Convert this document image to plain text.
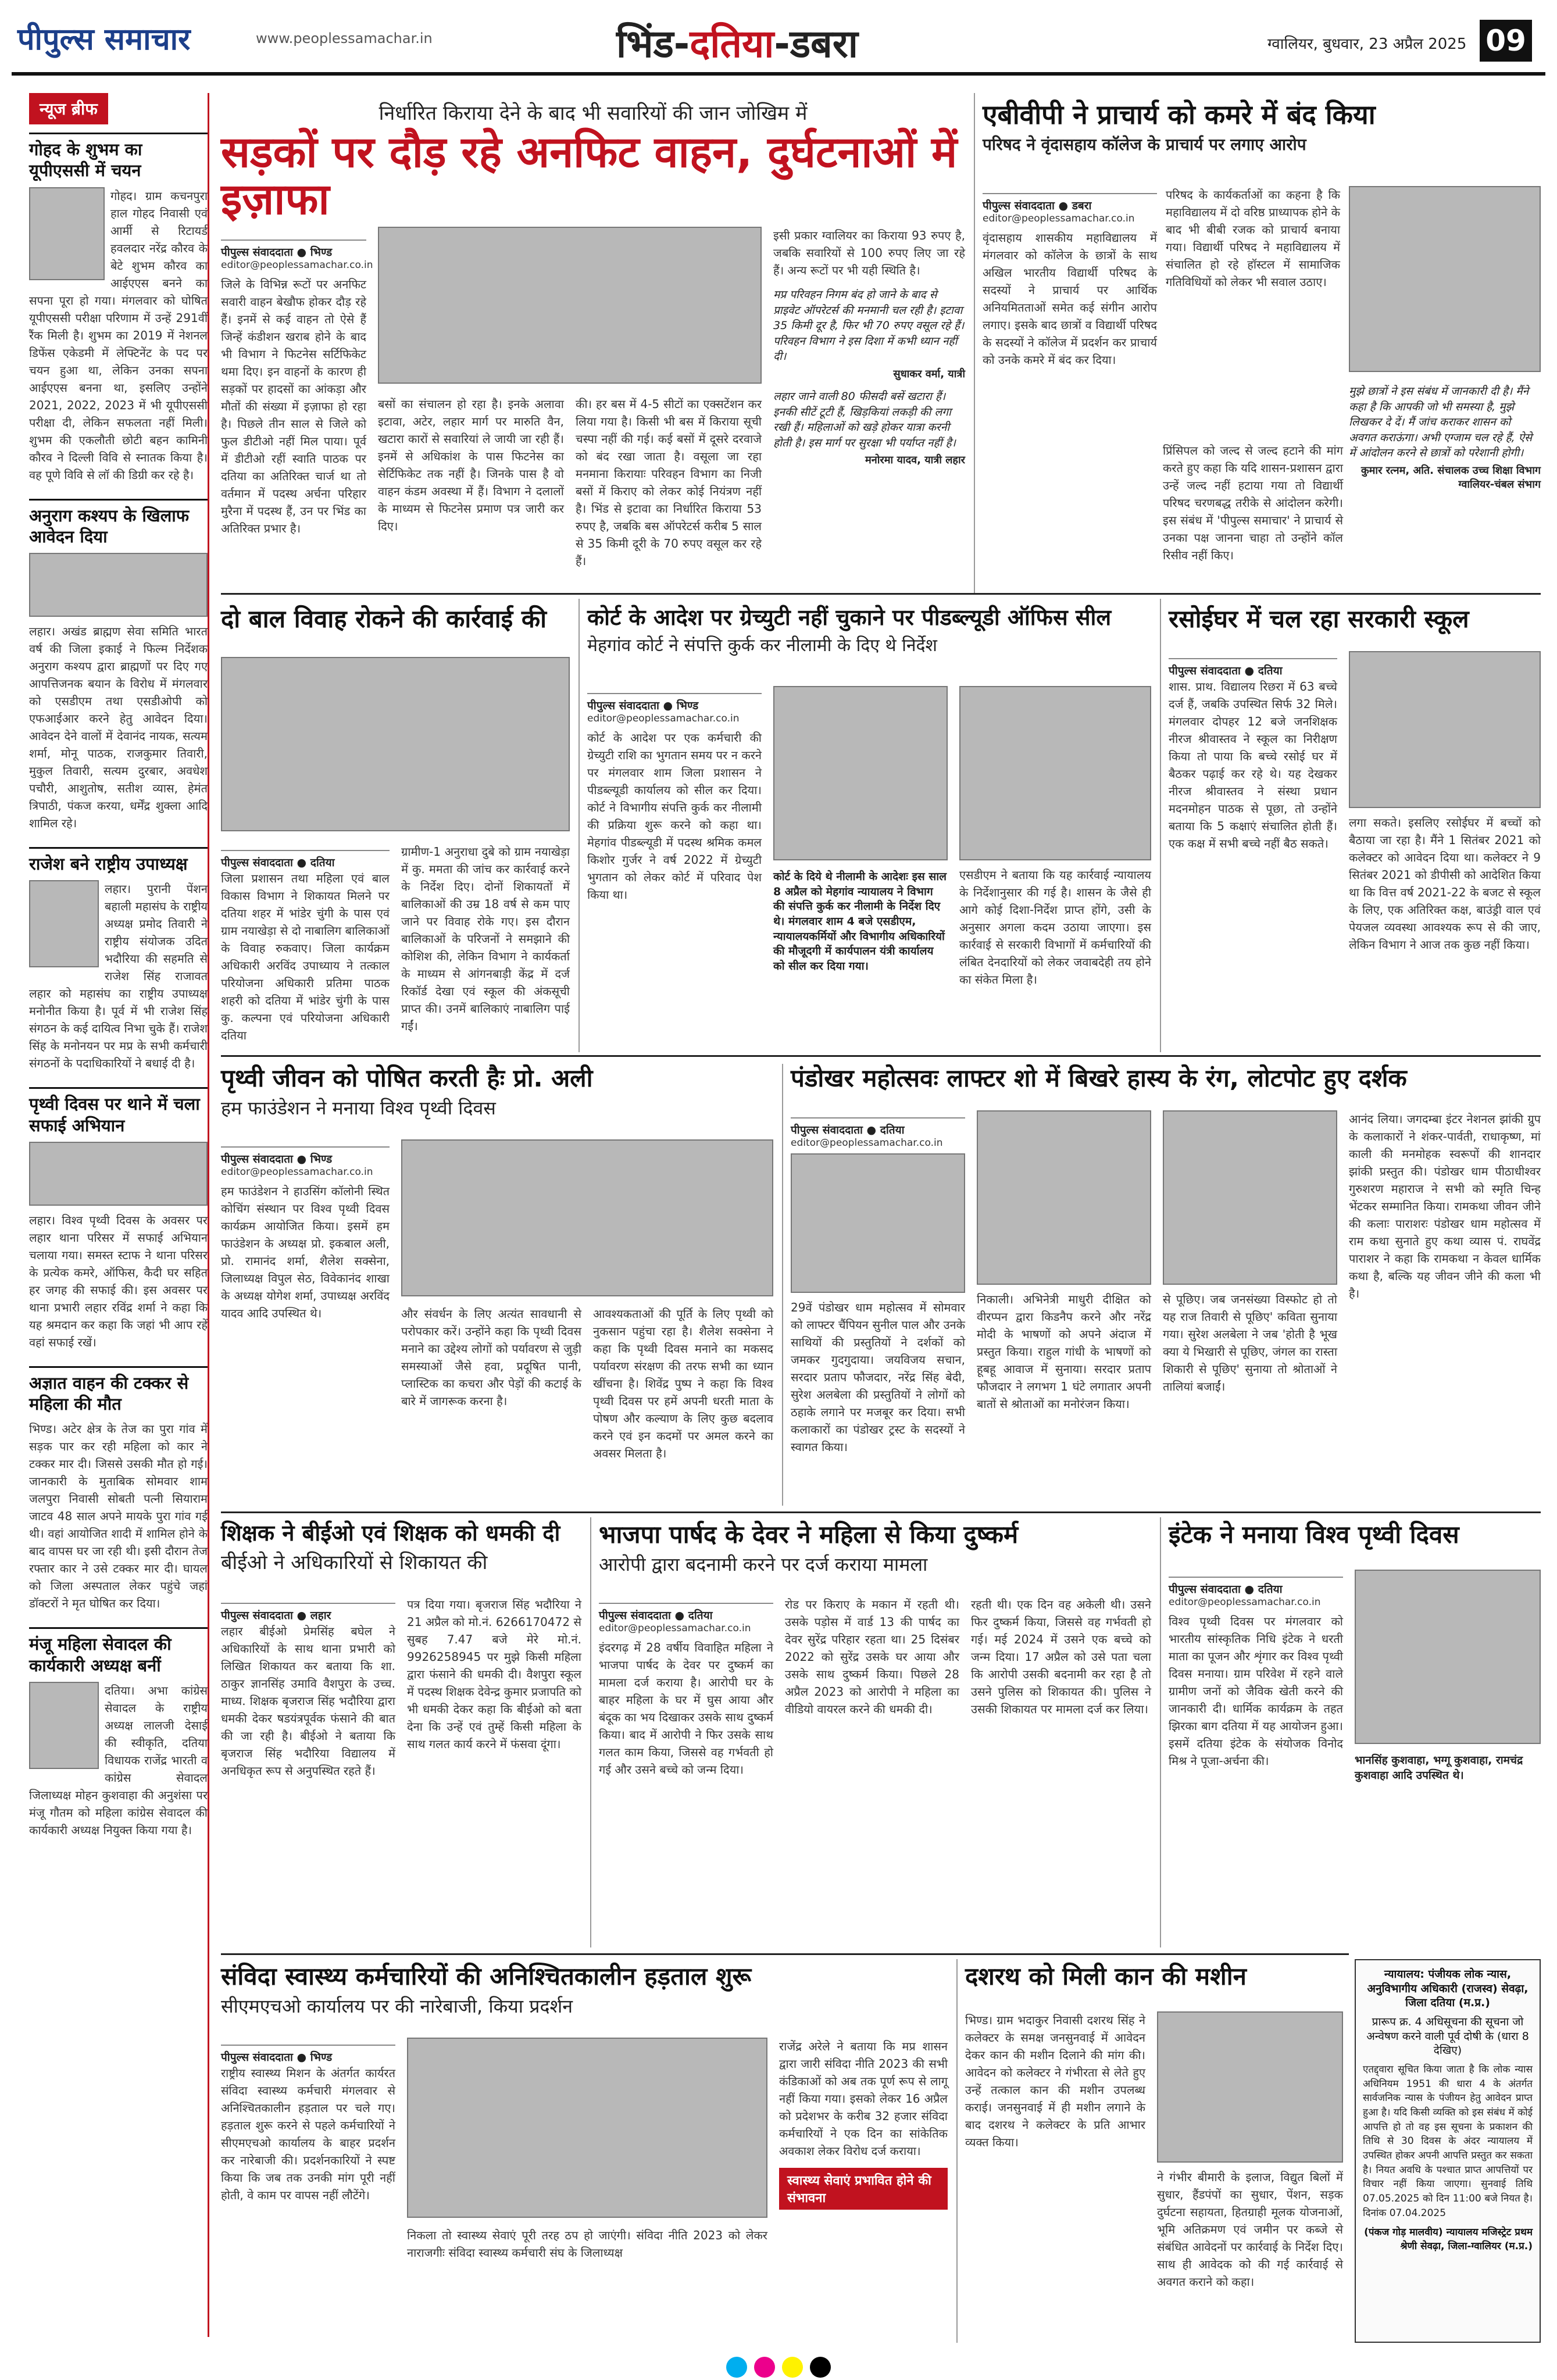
पीपुल्स समाचार	www.peoplessamachar.in	भिंड-दतिया-डबरा	ग्वालियर, बुधवार, 23 अप्रैल 2025 09
न्यूज ब्रीफ
गोहद के शुभम का यूपीएससी में चयन
गोहद। ग्राम कचनपुरा हाल गोहद निवासी एवं आर्मी से रिटायर्ड हवलदार नरेंद्र कौरव के बेटे शुभम कौरव का आईएएस बनने का सपना पूरा हो गया। मंगलवार को घोषित यूपीएससी परीक्षा परिणाम में उन्हें 291वीं रैंक मिली है। शुभम का 2019 में नेशनल डिफेंस एकेडमी में लेफ्टिनेंट के पद पर चयन हुआ था, लेकिन उनका सपना आईएएस बनना था, इसलिए उन्होंने 2021, 2022, 2023 में भी यूपीएससी परीक्षा दी, लेकिन सफलता नहीं मिली। शुभम की एकलौती छोटी बहन कामिनी कौरव ने दिल्ली विवि से स्नातक किया है। वह पूणे विवि से लॉ की डिग्री कर रहे है।
अनुराग कश्यप के खिलाफ आवेदन दिया
लहार। अखंड ब्राह्मण सेवा समिति भारत वर्ष की जिला इकाई ने फिल्म निर्देशक अनुराग कश्यप द्वारा ब्राह्मणों पर दिए गए आपत्तिजनक बयान के विरोध में मंगलवार को एसडीएम तथा एसडीओपी को एफआईआर करने हेतु आवेदन दिया। आवेदन देने वालों में देवानंद नायक, सत्यम शर्मा, मोनू पाठक, राजकुमार तिवारी, मुकुल तिवारी, सत्यम दुरबार, अवधेश पचौरी, आशुतोष, सतीश व्यास, हेमंत त्रिपाठी, पंकज करया, धर्मेंद्र शुक्ला आदि शामिल रहे।
राजेश बने राष्ट्रीय उपाध्यक्ष
लहार। पुरानी पेंशन बहाली महासंघ के राष्ट्रीय अध्यक्ष प्रमोद तिवारी ने राष्ट्रीय संयोजक उदित भदौरिया की सहमति से राजेश सिंह राजावत लहार को महासंघ का राष्ट्रीय उपाध्यक्ष मनोनीत किया है। पूर्व में भी राजेश सिंह संगठन के कई दायित्व निभा चुके हैं। राजेश सिंह के मनोनयन पर मप्र के सभी कर्मचारी संगठनों के पदाधिकारियों ने बधाई दी है।
पृथ्वी दिवस पर थाने में चला सफाई अभियान
लहार। विश्व पृथ्वी दिवस के अवसर पर लहार थाना परिसर में सफाई अभियान चलाया गया। समस्त स्टाफ ने थाना परिसर के प्रत्येक कमरे, ऑफिस, कैदी घर सहित हर जगह की सफाई की। इस अवसर पर थाना प्रभारी लहार रविंद्र शर्मा ने कहा कि यह श्रमदान कर कहा कि जहां भी आप रहें वहां सफाई रखें।
अज्ञात वाहन की टक्कर से महिला की मौत
भिण्ड। अटेर क्षेत्र के तेज का पुरा गांव में सड़क पार कर रही महिला को कार ने टक्कर मार दी। जिससे उसकी मौत हो गई। जानकारी के मुताबिक सोमवार शाम जलपुरा निवासी सोबती पत्नी सियाराम जाटव 48 साल अपने मायके पुरा गांव गई थी। वहां आयोजित शादी में शामिल होने के बाद वापस घर जा रही थी। इसी दौरान तेज रफ्तार कार ने उसे टक्कर मार दी। घायल को जिला अस्पताल लेकर पहुंचे जहां डॉक्टरों ने मृत घोषित कर दिया।
मंजू महिला सेवादल की कार्यकारी अध्यक्ष बनीं
दतिया। अभा कांग्रेस सेवादल के राष्ट्रीय अध्यक्ष लालजी देसाई की स्वीकृति, दतिया विधायक राजेंद्र भारती व कांग्रेस सेवादल जिलाध्यक्ष मोहन कुशवाहा की अनुशंसा पर मंजू गौतम को महिला कांग्रेस सेवादल की कार्यकारी अध्यक्ष नियुक्त किया गया है।
निर्धारित किराया देने के बाद भी सवारियों की जान जोखिम में
सड़कों पर दौड़ रहे अनफिट वाहन, दुर्घटनाओं में इज़ाफा
पीपुल्स संवाददाता ● भिण्ड
editor@peoplessamachar.co.in
जिले के विभिन्न रूटों पर अनफिट सवारी वाहन बेखौफ होकर दौड़ रहे हैं। इनमें से कई वाहन तो ऐसे हैं जिन्हें कंडीशन खराब होने के बाद भी विभाग ने फिटनेस सर्टिफिकेट थमा दिए। इन वाहनों के कारण ही सड़कों पर हादसों का आंकड़ा और मौतों की संख्या में इज़ाफा हो रहा है। पिछले तीन साल से जिले को फुल डीटीओ नहीं मिल पाया। पूर्व में डीटीओ रहीं स्वाति पाठक पर दतिया का अतिरिक्त चार्ज था तो वर्तमान में पदस्थ अर्चना परिहार मुरैना में पदस्थ हैं, उन पर भिंड का अतिरिक्त प्रभार है।
बसों का संचालन हो रहा है। इनके अलावा इटावा, अटेर, लहार मार्ग पर मारुति वैन, खटारा कारों से सवारियां ले जायी जा रही हैं। इनमें से अधिकांश के पास फिटनेस का सेर्टिफिकेट तक नहीं है। जिनके पास है वो वाहन कंडम अवस्था में हैं। विभाग ने दलालों के माध्यम से फिटनेस प्रमाण पत्र जारी कर दिए।
की। हर बस में 4-5 सीटों का एक्सटेंशन कर लिया गया है। किसी भी बस में किराया सूची चस्पा नहीं की गई। कई बसों में दूसरे दरवाजे को बंद रखा जाता है। वसूला जा रहा मनमाना किरायाः परिवहन विभाग का निजी बसों में किराए को लेकर कोई नियंत्रण नहीं है। भिंड से इटावा का निर्धारित किराया 53 रुपए है, जबकि बस ऑपरेटर्स करीब 5 साल से 35 किमी दूरी के 70 रुपए वसूल कर रहे हैं।
इसी प्रकार ग्वालियर का किराया 93 रुपए है, जबकि सवारियों से 100 रुपए लिए जा रहे हैं। अन्य रूटों पर भी यही स्थिति है।
मप्र परिवहन निगम बंद हो जाने के बाद से प्राइवेट ऑपरेटर्स की मनमानी चल रही है। इटावा 35 किमी दूर है, फिर भी 70 रुपए वसूल रहे हैं। परिवहन विभाग ने इस दिशा में कभी ध्यान नहीं दी।
सुधाकर वर्मा, यात्री
लहार जाने वाली 80 फीसदी बसें खटारा हैं। इनकी सीटें टूटी हैं, खिड़कियां लकड़ी की लगा रखी हैं। महिलाओं को खड़े होकर यात्रा करनी होती है। इस मार्ग पर सुरक्षा भी पर्याप्त नहीं है।
मनोरमा यादव, यात्री लहार
एबीवीपी ने प्राचार्य को कमरे में बंद किया
परिषद ने वृंदासहाय कॉलेज के प्राचार्य पर लगाए आरोप
पीपुल्स संवाददाता ● डबरा
editor@peoplessamachar.co.in
वृंदासहाय शासकीय महाविद्यालय में मंगलवार को कॉलेज के छात्रों के साथ अखिल भारतीय विद्यार्थी परिषद के सदस्यों ने प्राचार्य पर आर्थिक अनियमितताओं समेत कई संगीन आरोप लगाए। इसके बाद छात्रों व विद्यार्थी परिषद के सदस्यों ने कॉलेज में प्रदर्शन कर प्राचार्य को उनके कमरे में बंद कर दिया।
परिषद के कार्यकर्ताओं का कहना है कि महाविद्यालय में दो वरिष्ठ प्राध्यापक होने के बाद भी बीबी रजक को प्राचार्य बनाया गया। विद्यार्थी परिषद ने महाविद्यालय में संचालित हो रहे हॉस्टल में सामाजिक गतिविधियों को लेकर भी सवाल उठाए।
प्रिंसिपल को जल्द से जल्द हटाने की मांग करते हुए कहा कि यदि शासन-प्रशासन द्वारा उन्हें जल्द नहीं हटाया गया तो विद्यार्थी परिषद चरणबद्ध तरीके से आंदोलन करेगी। इस संबंध में 'पीपुल्स समाचार' ने प्राचार्य से उनका पक्ष जानना चाहा तो उन्होंने कॉल रिसीव नहीं किए।
मुझे छात्रों ने इस संबंध में जानकारी दी है। मैंने कहा है कि आपकी जो भी समस्या है, मुझे लिखकर दे दें। मैं जांच कराकर शासन को अवगत कराऊंगा। अभी एग्जाम चल रहे हैं, ऐसे में आंदोलन करने से छात्रों को परेशानी होगी।
कुमार रत्नम, अति. संचालक उच्च शिक्षा विभाग ग्वालियर-चंबल संभाग
दो बाल विवाह रोकने की कार्रवाई की
पीपुल्स संवाददाता ● दतिया
जिला प्रशासन तथा महिला एवं बाल विकास विभाग ने शिकायत मिलने पर दतिया शहर में भांडेर चुंगी के पास एवं ग्राम नयाखेड़ा से दो नाबालिग बालिकाओं के विवाह रुकवाए। जिला कार्यक्रम अधिकारी अरविंद उपाध्याय ने तत्काल परियोजना अधिकारी प्रतिमा पाठक शहरी को दतिया में भांडेर चुंगी के पास कु. कल्पना एवं परियोजना अधिकारी दतिया
ग्रामीण-1 अनुराधा दुबे को ग्राम नयाखेड़ा में कु. ममता की जांच कर कार्रवाई करने के निर्देश दिए। दोनों शिकायतों में बालिकाओं की उम्र 18 वर्ष से कम पाए जाने पर विवाह रोके गए। इस दौरान बालिकाओं के परिजनों ने समझाने की कोशिश की, लेकिन विभाग ने कार्यकर्ता के माध्यम से आंगनबाड़ी केंद्र में दर्ज रिकॉर्ड देखा एवं स्कूल की अंकसूची प्राप्त की। उनमें बालिकाएं नाबालिग पाई गईं।
कोर्ट के आदेश पर ग्रेच्युटी नहीं चुकाने पर पीडब्ल्यूडी ऑफिस सील
मेहगांव कोर्ट ने संपत्ति कुर्क कर नीलामी के दिए थे निर्देश
पीपुल्स संवाददाता ● भिण्ड
editor@peoplessamachar.co.in
कोर्ट के आदेश पर एक कर्मचारी की ग्रेच्युटी राशि का भुगतान समय पर न करने पर मंगलवार शाम जिला प्रशासन ने पीडब्ल्यूडी कार्यालय को सील कर दिया। कोर्ट ने विभागीय संपत्ति कुर्क कर नीलामी की प्रक्रिया शुरू करने को कहा था। मेहगांव पीडब्ल्यूडी में पदस्थ श्रमिक कमल किशोर गुर्जर ने वर्ष 2022 में ग्रेच्युटी भुगतान को लेकर कोर्ट में परिवाद पेश किया था।
कोर्ट के दिये थे नीलामी के आदेशः इस साल 8 अप्रैल को मेहगांव न्यायालय ने विभाग की संपत्ति कुर्क कर नीलामी के निर्देश दिए थे। मंगलवार शाम 4 बजे एसडीएम, न्यायालयकर्मियों और विभागीय अधिकारियों की मौजूदगी में कार्यपालन यंत्री कार्यालय को सील कर दिया गया।
एसडीएम ने बताया कि यह कार्रवाई न्यायालय के निर्देशानुसार की गई है। शासन के जैसे ही आगे कोई दिशा-निर्देश प्राप्त होंगे, उसी के अनुसार अगला कदम उठाया जाएगा। इस कार्रवाई से सरकारी विभागों में कर्मचारियों की लंबित देनदारियों को लेकर जवाबदेही तय होने का संकेत मिला है।
रसोईघर में चल रहा सरकारी स्कूल
पीपुल्स संवाददाता ● दतिया
शास. प्राथ. विद्यालय रिछरा में 63 बच्चे दर्ज हैं, जबकि उपस्थित सिर्फ 32 मिले। मंगलवार दोपहर 12 बजे जनशिक्षक नीरज श्रीवास्तव ने स्कूल का निरीक्षण किया तो पाया कि बच्चे रसोई घर में बैठकर पढ़ाई कर रहे थे। यह देखकर नीरज श्रीवास्तव ने संस्था प्रधान मदनमोहन पाठक से पूछा, तो उन्होंने बताया कि 5 कक्षाएं संचालित होती हैं। एक कक्ष में सभी बच्चे नहीं बैठ सकते।
लगा सकते। इसलिए रसोईघर में बच्चों को बैठाया जा रहा है। मैंने 1 सितंबर 2021 को कलेक्टर को आवेदन दिया था। कलेक्टर ने 9 सितंबर 2021 को डीपीसी को आदेशित किया था कि वित्त वर्ष 2021-22 के बजट से स्कूल के लिए, एक अतिरिक्त कक्ष, बाउंड्री वाल एवं पेयजल व्यवस्था आवश्यक रूप से की जाए, लेकिन विभाग ने आज तक कुछ नहीं किया।
पृथ्वी जीवन को पोषित करती हैः प्रो. अली
हम फाउंडेशन ने मनाया विश्व पृथ्वी दिवस
पीपुल्स संवाददाता ● भिण्ड
editor@peoplessamachar.co.in
हम फाउंडेशन ने हाउसिंग कॉलोनी स्थित कोचिंग संस्थान पर विश्व पृथ्वी दिवस कार्यक्रम आयोजित किया। इसमें हम फाउंडेशन के अध्यक्ष प्रो. इकबाल अली, प्रो. रामानंद शर्मा, शैलेश सक्सेना, जिलाध्यक्ष विपुल सेठ, विवेकानंद शाखा के अध्यक्ष योगेश शर्मा, उपाध्यक्ष अरविंद यादव आदि उपस्थित थे।	और संवर्धन के लिए अत्यंत सावधानी से परोपकार करें। उन्होंने कहा कि पृथ्वी दिवस मनाने का उद्देश्य लोगों को पर्यावरण से जुड़ी समस्याओं जैसे हवा, प्रदूषित पानी, प्लास्टिक का कचरा और पेड़ों की कटाई के बारे में जागरूक करना है।
आवश्यकताओं की पूर्ति के लिए पृथ्वी को नुकसान पहुंचा रहा है। शैलेश सक्सेना ने कहा कि पृथ्वी दिवस मनाने का मकसद पर्यावरण संरक्षण की तरफ सभी का ध्यान खींचना है। शिवेंद्र पुष्प ने कहा कि विश्व पृथ्वी दिवस पर हमें अपनी धरती माता के पोषण और कल्याण के लिए कुछ बदलाव करने एवं इन कदमों पर अमल करने का अवसर मिलता है।
पंडोखर महोत्सवः लाफ्टर शो में बिखरे हास्य के रंग, लोटपोट हुए दर्शक
पीपुल्स संवाददाता ● दतिया
editor@peoplessamachar.co.in
29वें पंडोखर धाम महोत्सव में सोमवार को लाफ्टर चैंपियन सुनील पाल और उनके साथियों की प्रस्तुतियों ने दर्शकों को जमकर गुदगुदाया। जयविजय सचान, सरदार प्रताप फौजदार, नरेंद्र सिंह बेदी, सुरेश अलबेला की प्रस्तुतियों ने लोगों को ठहाके लगाने पर मजबूर कर दिया। सभी कलाकारों का पंडोखर ट्रस्ट के सदस्यों ने स्वागत किया।
निकाली। अभिनेत्री माधुरी दीक्षित को वीरप्पन द्वारा किडनैप करने और नरेंद्र मोदी के भाषणों को अपने अंदाज में प्रस्तुत किया। राहुल गांधी के भाषणों को हूबहू आवाज में सुनाया। सरदार प्रताप फौजदार ने लगभग 1 घंटे लगातार अपनी बातों से श्रोताओं का मनोरंजन किया।
से पूछिए। जब जनसंख्या विस्फोट हो तो यह राज तिवारी से पूछिए' कविता सुनाया गया। सुरेश अलबेला ने जब 'होती है भूख क्या ये भिखारी से पूछिए, जंगल का रास्ता शिकारी से पूछिए' सुनाया तो श्रोताओं ने तालियां बजाईं।
आनंद लिया। जगदम्बा इंटर नेशनल झांकी ग्रुप के कलाकारों ने शंकर-पार्वती, राधाकृष्ण, मां काली की मनमोहक स्वरूपों की शानदार झांकी प्रस्तुत की। पंडोखर धाम पीठाधीश्वर गुरुशरण महाराज ने सभी को स्मृति चिन्ह भेंटकर सम्मानित किया। रामकथा जीवन जीने की कलाः पाराशरः पंडोखर धाम महोत्सव में राम कथा सुनाते हुए कथा व्यास पं. राघवेंद्र पाराशर ने कहा कि रामकथा न केवल धार्मिक कथा है, बल्कि यह जीवन जीने की कला भी है।
शिक्षक ने बीईओ एवं शिक्षक को धमकी दी
बीईओ ने अधिकारियों से शिकायत की
पीपुल्स संवाददाता ● लहार
लहार बीईओ प्रेमसिंह बघेल ने अधिकारियों के साथ थाना प्रभारी को लिखित शिकायत कर बताया कि शा. ठाकुर ज्ञानसिंह उमावि वैशपुरा के उच्च. माध्य. शिक्षक बृजराज सिंह भदौरिया द्वारा धमकी देकर षडयंत्रपूर्वक फंसाने की बात की जा रही है। बीईओ ने बताया कि बृजराज सिंह भदौरिया विद्यालय में अनधिकृत रूप से अनुपस्थित रहते हैं।
पत्र दिया गया। बृजराज सिंह भदौरिया ने 21 अप्रैल को मो.नं. 6266170472 से सुबह 7.47 बजे मेरे मो.नं. 9926258945 पर मुझे किसी महिला द्वारा फंसाने की धमकी दी। वैशपुरा स्कूल में पदस्थ शिक्षक देवेन्द्र कुमार प्रजापति को भी धमकी देकर कहा कि बीईओ को बता देना कि उन्हें एवं तुम्हें किसी महिला के साथ गलत कार्य करने में फंसवा दूंगा।
भाजपा पार्षद के देवर ने महिला से किया दुष्कर्म
आरोपी द्वारा बदनामी करने पर दर्ज कराया मामला
पीपुल्स संवाददाता ● दतिया
editor@peoplessamachar.co.in
इंदरगढ़ में 28 वर्षीय विवाहित महिला ने भाजपा पार्षद के देवर पर दुष्कर्म का मामला दर्ज कराया है। आरोपी घर के बाहर महिला के घर में घुस आया और बंदूक का भय दिखाकर उसके साथ दुष्कर्म किया। बाद में आरोपी ने फिर उसके साथ गलत काम किया, जिससे वह गर्भवती हो गई और उसने बच्चे को जन्म दिया।
रोड पर किराए के मकान में रहती थी। उसके पड़ोस में वार्ड 13 की पार्षद का देवर सुरेंद्र परिहार रहता था। 25 दिसंबर 2022 को सुरेंद्र उसके घर आया और उसके साथ दुष्कर्म किया। पिछले 28 अप्रैल 2023 को आरोपी ने महिला का वीडियो वायरल करने की धमकी दी।
रहती थी। एक दिन वह अकेली थी। उसने फिर दुष्कर्म किया, जिससे वह गर्भवती हो गई। मई 2024 में उसने एक बच्चे को जन्म दिया। 17 अप्रैल को उसे पता चला कि आरोपी उसकी बदनामी कर रहा है तो उसने पुलिस को शिकायत की। पुलिस ने उसकी शिकायत पर मामला दर्ज कर लिया।
इंटेक ने मनाया विश्व पृथ्वी दिवस
पीपुल्स संवाददाता ● दतिया
editor@peoplessamachar.co.in
विश्व पृथ्वी दिवस पर मंगलवार को भारतीय सांस्कृतिक निधि इंटेक ने धरती माता का पूजन और शृंगार कर विश्व पृथ्वी दिवस मनाया। ग्राम परिवेश में रहने वाले ग्रामीण जनों को जैविक खेती करने की जानकारी दी। धार्मिक कार्यक्रम के तहत झिरका बाग दतिया में यह आयोजन हुआ। इसमें दतिया इंटेक के संयोजक विनोद मिश्र ने पूजा-अर्चना की।	भानसिंह कुशवाहा, भग्गू कुशवाहा, रामचंद्र कुशवाहा आदि उपस्थित थे।
संविदा स्वास्थ्य कर्मचारियों की अनिश्चितकालीन हड़ताल शुरू
सीएमएचओ कार्यालय पर की नारेबाजी, किया प्रदर्शन
पीपुल्स संवाददाता ● भिण्ड
राष्ट्रीय स्वास्थ्य मिशन के अंतर्गत कार्यरत संविदा स्वास्थ्य कर्मचारी मंगलवार से अनिश्चितकालीन हड़ताल पर चले गए। हड़ताल शुरू करने से पहले कर्मचारियों ने सीएमएचओ कार्यालय के बाहर प्रदर्शन कर नारेबाजी की। प्रदर्शनकारियों ने स्पष्ट किया कि जब तक उनकी मांग पूरी नहीं होती, वे काम पर वापस नहीं लौटेंगे।
निकला तो स्वास्थ्य सेवाएं पूरी तरह ठप हो जाएंगी। संविदा नीति 2023 को लेकर नाराजगीः संविदा स्वास्थ्य कर्मचारी संघ के जिलाध्यक्ष
राजेंद्र अरेले ने बताया कि मप्र शासन द्वारा जारी संविदा नीति 2023 की सभी कंडिकाओं को अब तक पूर्ण रूप से लागू नहीं किया गया। इसको लेकर 16 अप्रैल को प्रदेशभर के करीब 32 हजार संविदा कर्मचारियों ने एक दिन का सांकेतिक अवकाश लेकर विरोध दर्ज कराया।
स्वास्थ्य सेवाएं प्रभावित होने की संभावना
दशरथ को मिली कान की मशीन
भिण्ड। ग्राम भदाकुर निवासी दशरथ सिंह ने कलेक्टर के समक्ष जनसुनवाई में आवेदन देकर कान की मशीन दिलाने की मांग की। आवेदन को कलेक्टर ने गंभीरता से लेते हुए उन्हें तत्काल कान की मशीन उपलब्ध कराई। जनसुनवाई में ही मशीन लगाने के बाद दशरथ ने कलेक्टर के प्रति आभार व्यक्त किया।
ने गंभीर बीमारी के इलाज, विद्युत बिलों में सुधार, हैंडपंपों का सुधार, पेंशन, सड़क दुर्घटना सहायता, हितग्राही मूलक योजनाओं, भूमि अतिक्रमण एवं जमीन पर कब्जे से संबंधित आवेदनों पर कार्रवाई के निर्देश दिए। साथ ही आवेदक को की गई कार्रवाई से अवगत कराने को कहा।
न्यायालय: पंजीयक लोक न्यास, अनुविभागीय अधिकारी (राजस्व) सेवढ़ा, जिला दतिया (म.प्र.)
प्रारूप क्र. 4 अधिसूचना की सूचना जो अन्वेषण करने वाली पूर्व दोषी के (धारा 8 देखिए)
एतद्द्वारा सूचित किया जाता है कि लोक न्यास अधिनियम 1951 की धारा 4 के अंतर्गत सार्वजनिक न्यास के पंजीयन हेतु आवेदन प्राप्त हुआ है। यदि किसी व्यक्ति को इस संबंध में कोई आपत्ति हो तो वह इस सूचना के प्रकाशन की तिथि से 30 दिवस के अंदर न्यायालय में उपस्थित होकर अपनी आपत्ति प्रस्तुत कर सकता है। नियत अवधि के पश्चात प्राप्त आपत्तियों पर विचार नहीं किया जाएगा। सुनवाई तिथि 07.05.2025 को दिन 11:00 बजे नियत है। दिनांक 07.04.2025
(पंकज गोड़ मालवीय) न्यायालय मजिस्ट्रेट प्रथम श्रेणी सेवढ़ा, जिला-ग्वालियर (म.प्र.)
